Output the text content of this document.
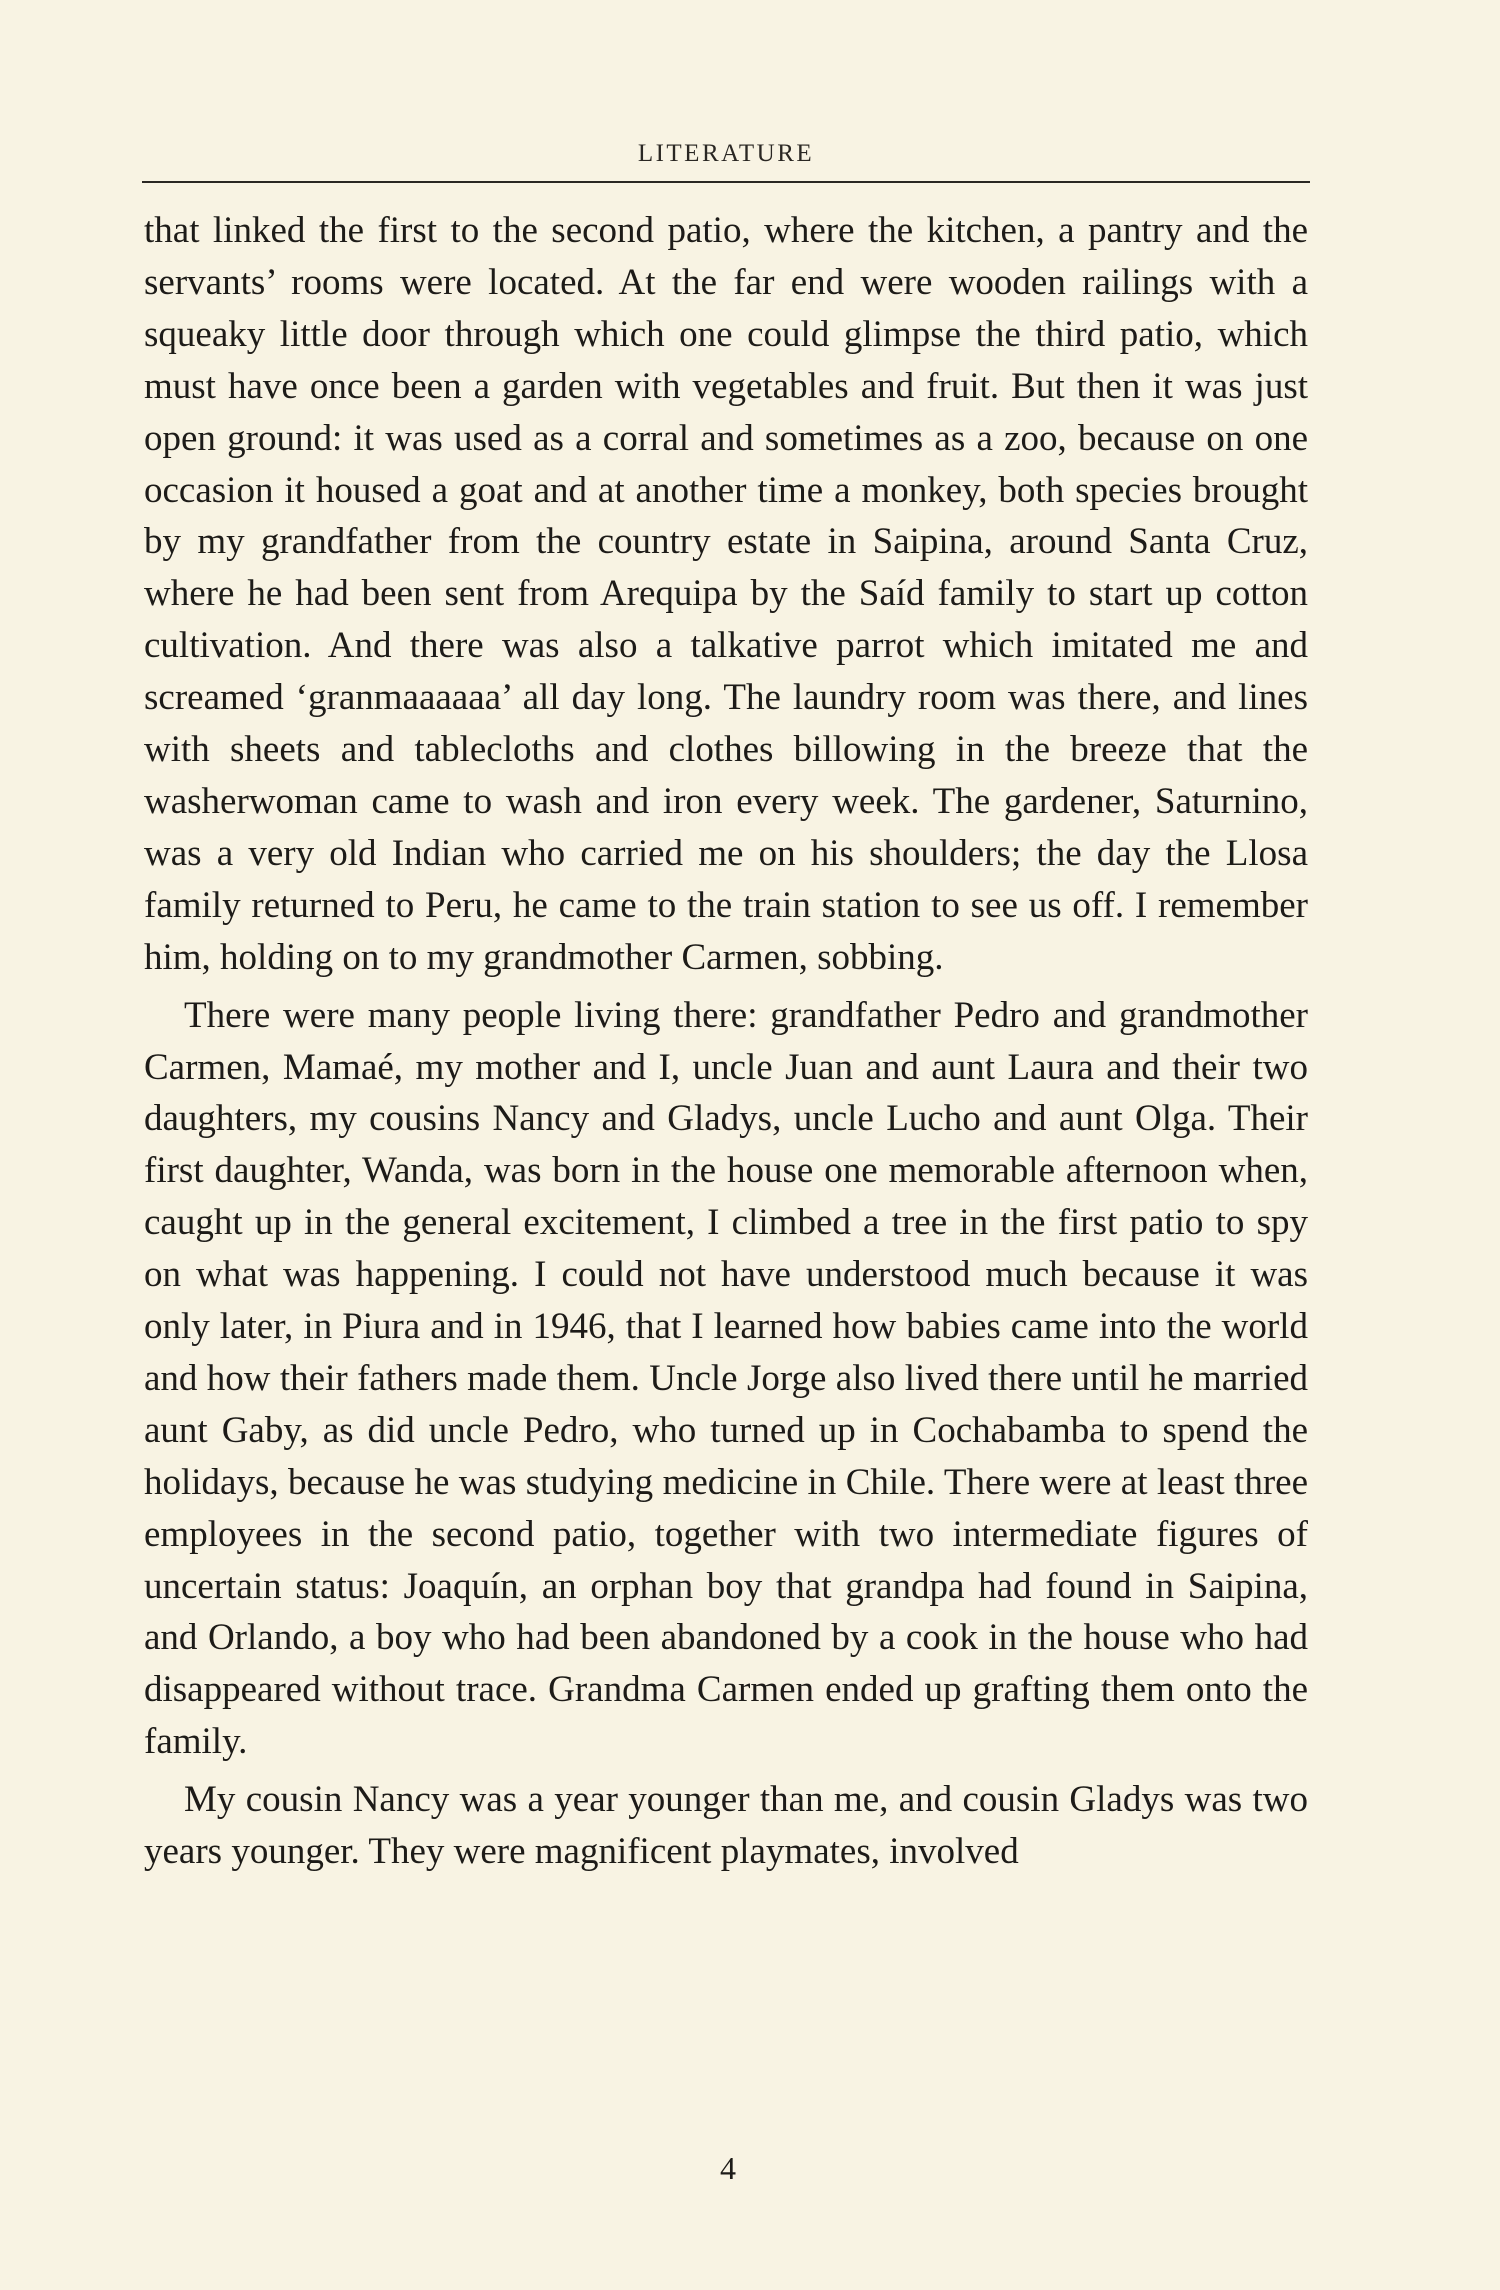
LITERATURE

that linked the first to the second patio, where the kitchen, a pantry and the servants’ rooms were located. At the far end were wooden railings with a squeaky little door through which one could glimpse the third patio, which must have once been a garden with vegetables and fruit. But then it was just open ground: it was used as a corral and sometimes as a zoo, because on one occasion it housed a goat and at another time a monkey, both species brought by my grandfather from the country estate in Saipina, around Santa Cruz, where he had been sent from Arequipa by the Saíd family to start up cotton cultivation. And there was also a talkative parrot which imitated me and screamed ‘granmaaaaaa’ all day long. The laundry room was there, and lines with sheets and tablecloths and clothes billowing in the breeze that the washerwoman came to wash and iron every week. The gardener, Saturnino, was a very old Indian who carried me on his shoulders; the day the Llosa family returned to Peru, he came to the train station to see us off. I remember him, holding on to my grandmother Carmen, sobbing.

There were many people living there: grandfather Pedro and grandmother Carmen, Mamaé, my mother and I, uncle Juan and aunt Laura and their two daughters, my cousins Nancy and Gladys, uncle Lucho and aunt Olga. Their first daughter, Wanda, was born in the house one memorable afternoon when, caught up in the general excitement, I climbed a tree in the first patio to spy on what was happening. I could not have understood much because it was only later, in Piura and in 1946, that I learned how babies came into the world and how their fathers made them. Uncle Jorge also lived there until he married aunt Gaby, as did uncle Pedro, who turned up in Cochabamba to spend the holidays, because he was studying medicine in Chile. There were at least three employees in the second patio, together with two intermediate figures of uncertain status: Joaquín, an orphan boy that grandpa had found in Saipina, and Orlando, a boy who had been abandoned by a cook in the house who had disappeared without trace. Grandma Carmen ended up grafting them onto the family.

My cousin Nancy was a year younger than me, and cousin Gladys was two years younger. They were magnificent playmates, involved

4
